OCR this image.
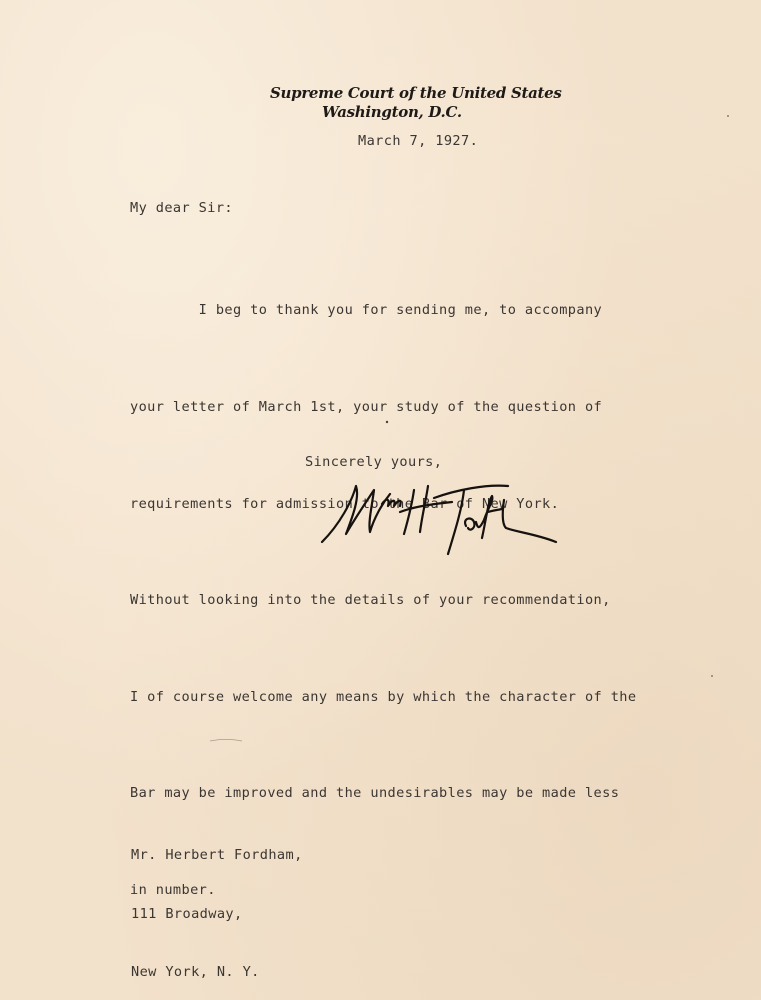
Supreme Court of the United States
Washington, D.C.
March 7, 1927.
My dear Sir:

I beg to thank you for sending me, to accompany

your letter of March 1st, your study of the question of

requirements for admission to the Bar of New York.

Without looking into the details of your recommendation,

I of course welcome any means by which the character of the

Bar may be improved and the undesirables may be made less

in number.

Sincerely yours,

Mr. Herbert Fordham,

111 Broadway,

New York, N. Y.
